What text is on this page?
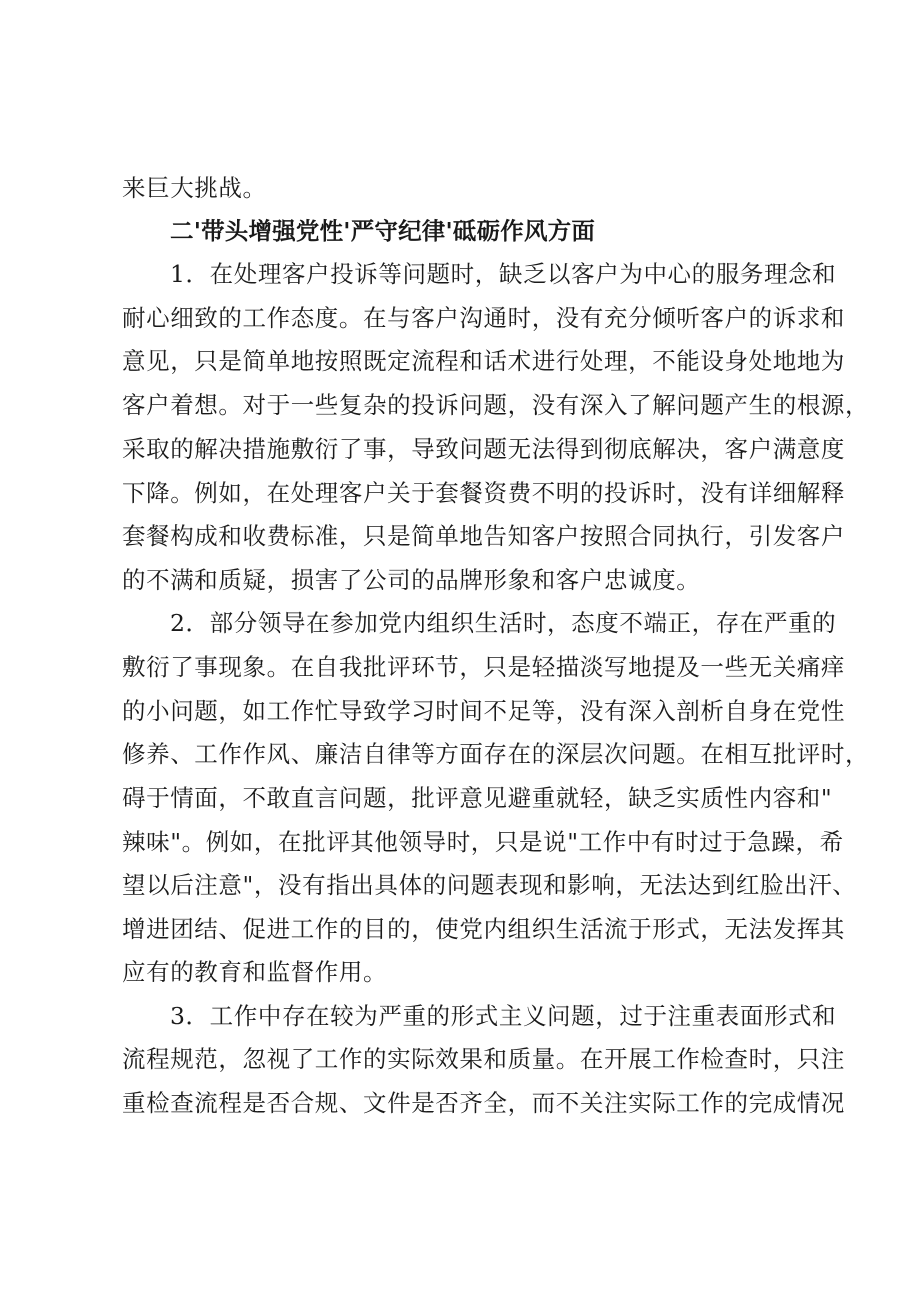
来巨大挑战。
二'带头增强党性'严守纪律'砥砺作风方面
1．在处理客户投诉等问题时，缺乏以客户为中心的服务理念和
耐心细致的工作态度。在与客户沟通时，没有充分倾听客户的诉求和
意见，只是简单地按照既定流程和话术进行处理，不能设身处地地为
客户着想。对于一些复杂的投诉问题，没有深入了解问题产生的根源，
采取的解决措施敷衍了事，导致问题无法得到彻底解决，客户满意度
下降。例如，在处理客户关于套餐资费不明的投诉时，没有详细解释
套餐构成和收费标准，只是简单地告知客户按照合同执行，引发客户
的不满和质疑，损害了公司的品牌形象和客户忠诚度。
2．部分领导在参加党内组织生活时，态度不端正，存在严重的
敷衍了事现象。在自我批评环节，只是轻描淡写地提及一些无关痛痒
的小问题，如工作忙导致学习时间不足等，没有深入剖析自身在党性
修养、工作作风、廉洁自律等方面存在的深层次问题。在相互批评时，
碍于情面，不敢直言问题，批评意见避重就轻，缺乏实质性内容和"
辣味"。例如，在批评其他领导时，只是说"工作中有时过于急躁，希
望以后注意"，没有指出具体的问题表现和影响，无法达到红脸出汗、
增进团结、促进工作的目的，使党内组织生活流于形式，无法发挥其
应有的教育和监督作用。
3．工作中存在较为严重的形式主义问题，过于注重表面形式和
流程规范，忽视了工作的实际效果和质量。在开展工作检查时，只注
重检查流程是否合规、文件是否齐全，而不关注实际工作的完成情况
